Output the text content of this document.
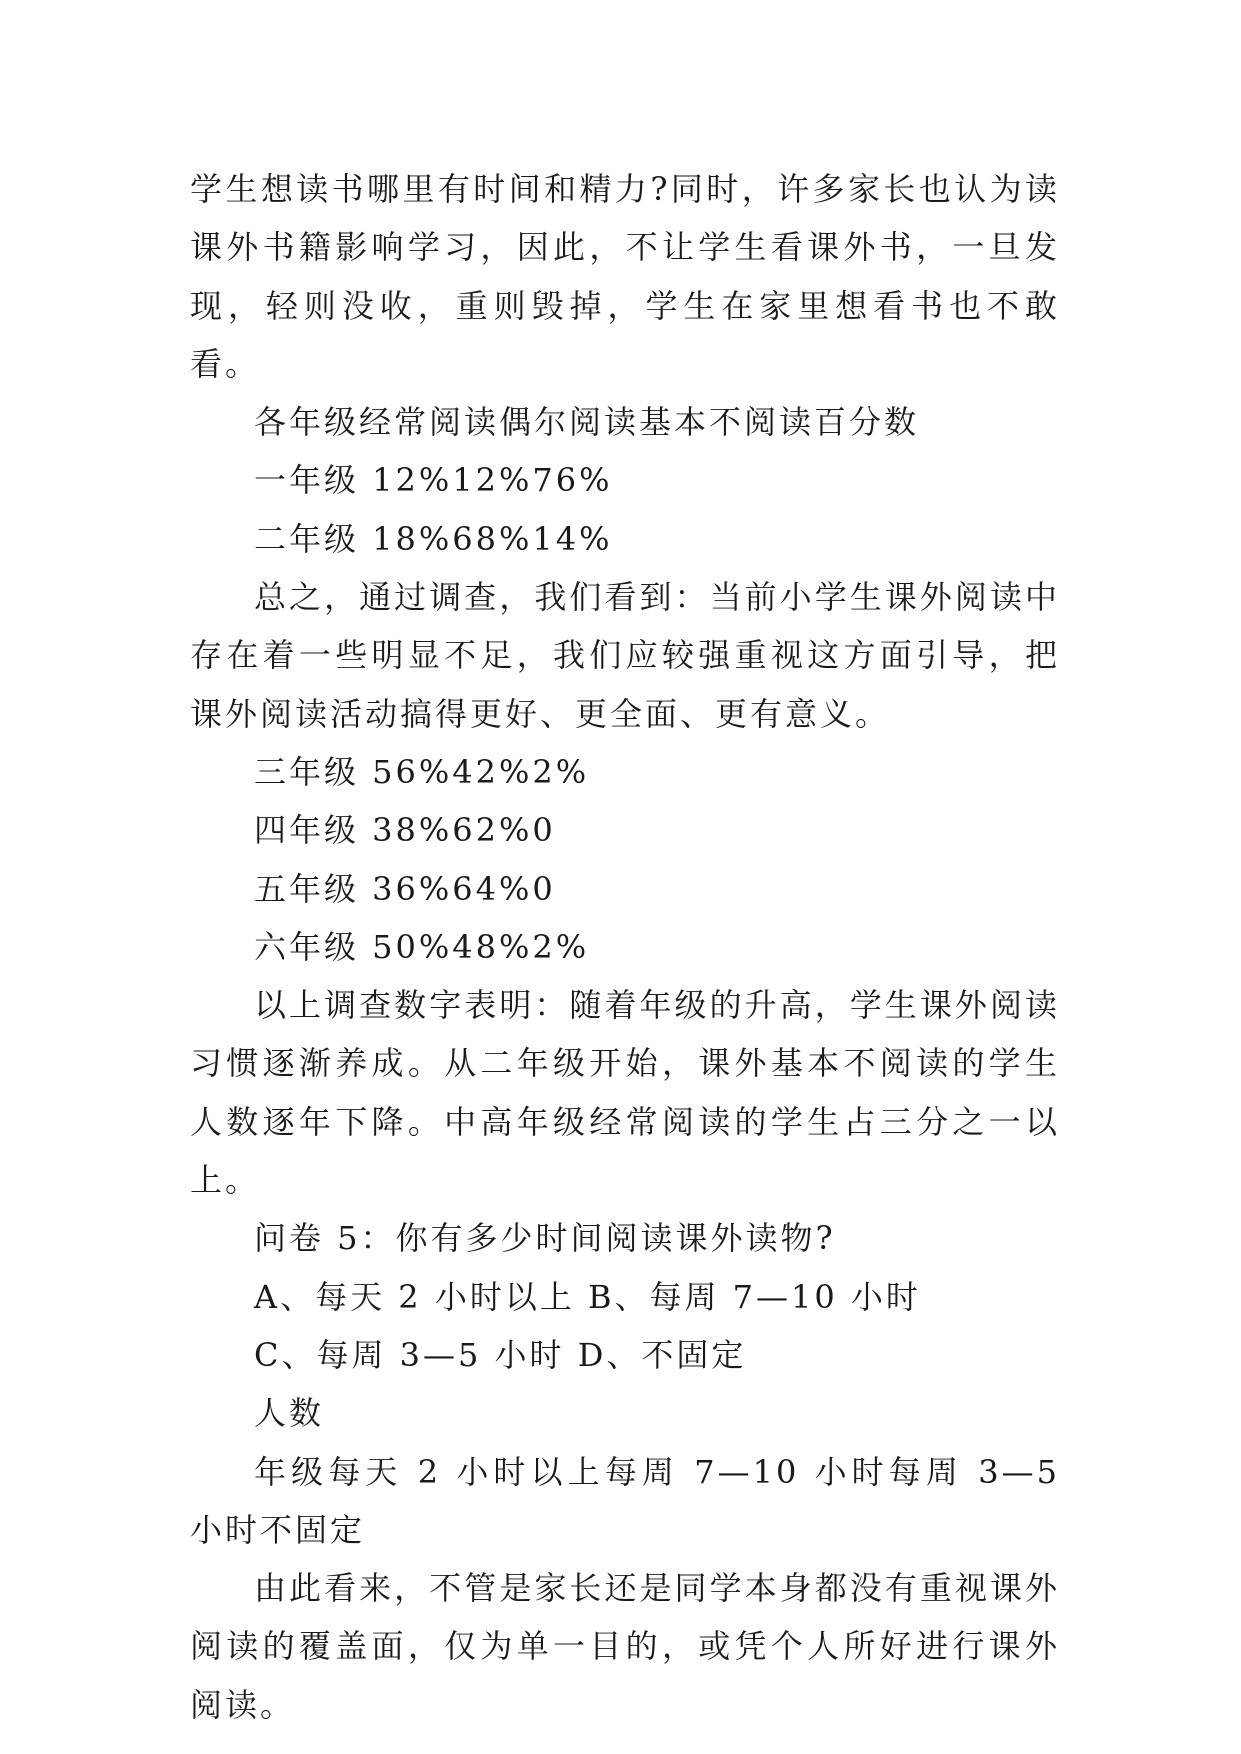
学生想读书哪里有时间和精力?同时，许多家长也认为读课外书籍影响学习，因此，不让学生看课外书，一旦发现，轻则没收，重则毁掉，学生在家里想看书也不敢看。

各年级经常阅读偶尔阅读基本不阅读百分数

一年级 12%12%76%

二年级 18%68%14%

总之，通过调查，我们看到：当前小学生课外阅读中存在着一些明显不足，我们应较强重视这方面引导，把课外阅读活动搞得更好、更全面、更有意义。

三年级 56%42%2%

四年级 38%62%0

五年级 36%64%0

六年级 50%48%2%

以上调查数字表明：随着年级的升高，学生课外阅读习惯逐渐养成。从二年级开始，课外基本不阅读的学生人数逐年下降。中高年级经常阅读的学生占三分之一以上。

问卷 5：你有多少时间阅读课外读物?

A、每天 2 小时以上 B、每周 7—10 小时

C、每周 3—5 小时 D、不固定

人数

年级每天 2 小时以上每周 7—10 小时每周 3—5 小时不固定

由此看来，不管是家长还是同学本身都没有重视课外阅读的覆盖面，仅为单一目的，或凭个人所好进行课外阅读。
